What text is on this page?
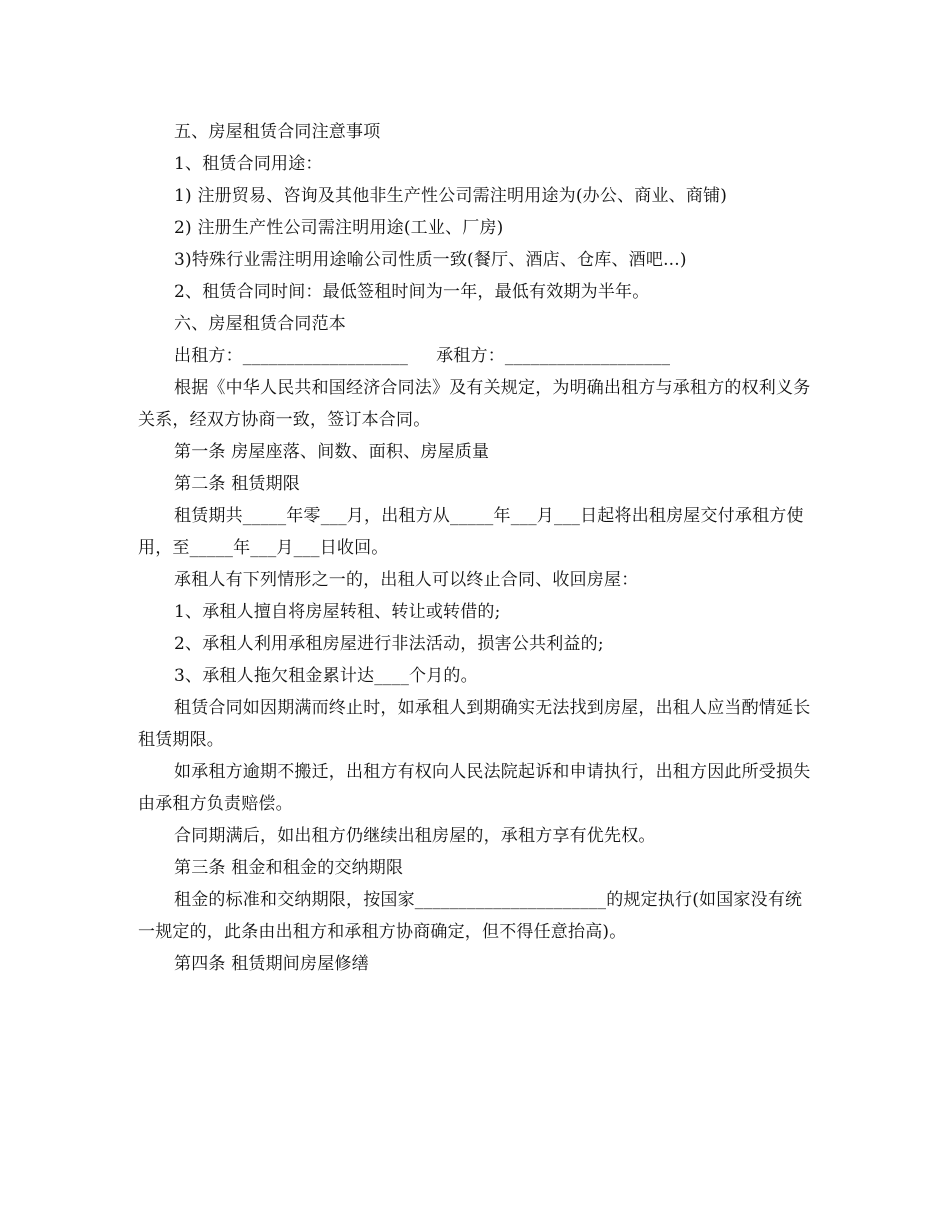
五、房屋租赁合同注意事项

1、租赁合同用途：

1) 注册贸易、咨询及其他非生产性公司需注明用途为(办公、商业、商铺)

2) 注册生产性公司需注明用途(工业、厂房)

3)特殊行业需注明用途喻公司性质一致(餐厅、酒店、仓库、酒吧...)

2、租赁合同时间：最低签租时间为一年，最低有效期为半年。

六、房屋租赁合同范本

出租方：___________________ 承租方：___________________

根据《中华人民共和国经济合同法》及有关规定，为明确出租方与承租方的权利义务关系，经双方协商一致，签订本合同。

第一条 房屋座落、间数、面积、房屋质量

第二条 租赁期限

租赁期共_____年零___月，出租方从_____年___月___日起将出租房屋交付承租方使用，至_____年___月___日收回。

承租人有下列情形之一的，出租人可以终止合同、收回房屋：

1、承租人擅自将房屋转租、转让或转借的;

2、承租人利用承租房屋进行非法活动，损害公共利益的;

3、承租人拖欠租金累计达____个月的。

租赁合同如因期满而终止时，如承租人到期确实无法找到房屋，出租人应当酌情延长租赁期限。

如承租方逾期不搬迁，出租方有权向人民法院起诉和申请执行，出租方因此所受损失由承租方负责赔偿。

合同期满后，如出租方仍继续出租房屋的，承租方享有优先权。

第三条 租金和租金的交纳期限

租金的标准和交纳期限，按国家______________________的规定执行(如国家没有统一规定的，此条由出租方和承租方协商确定，但不得任意抬高)。

第四条 租赁期间房屋修缮
